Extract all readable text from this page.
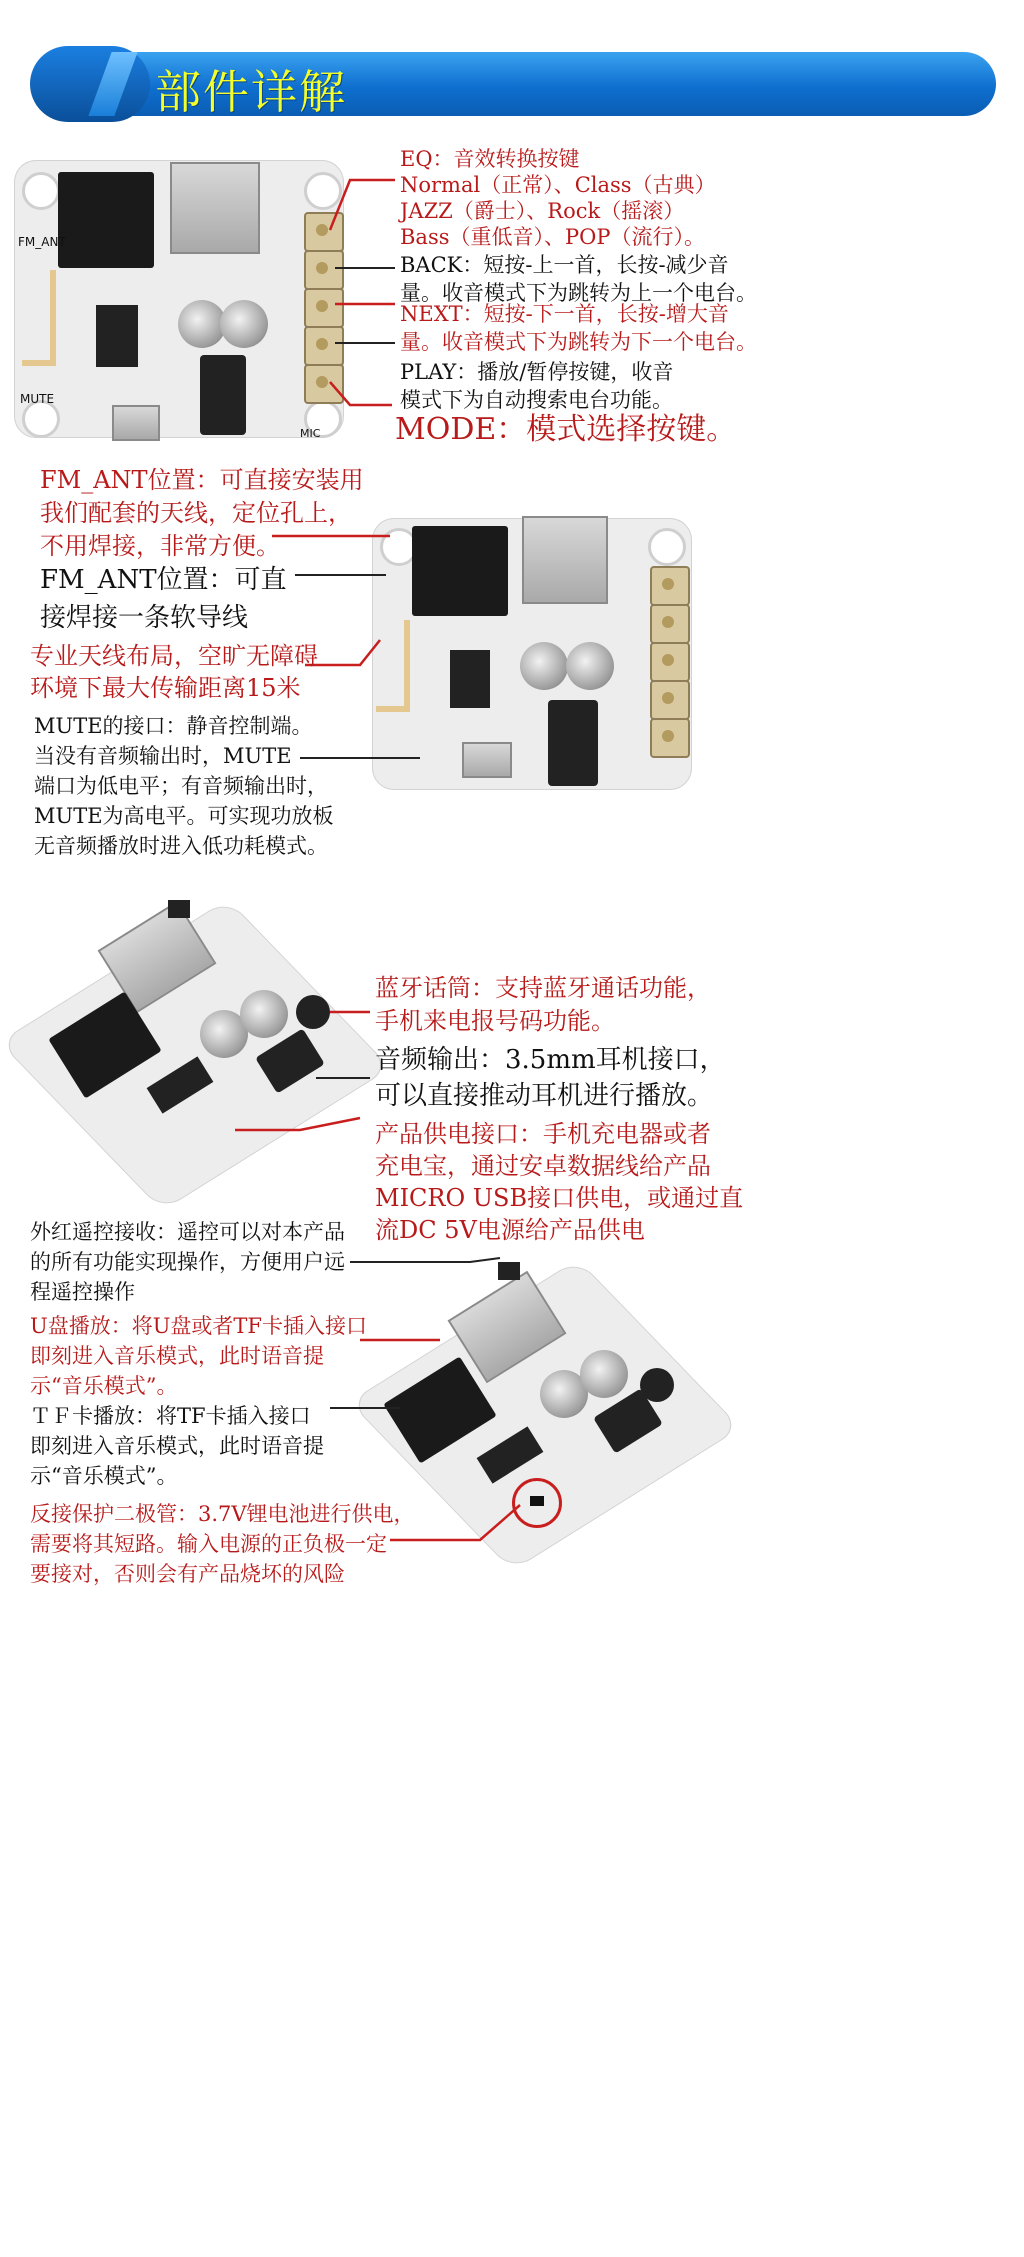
部件详解
FM_ANT
MUTE
MIC
EQ：音效转换按键
Normal（正常）、Class（古典）
JAZZ（爵士）、Rock（摇滚）
Bass（重低音）、POP（流行）。
BACK：短按-上一首，长按-减少音
量。收音模式下为跳转为上一个电台。
NEXT：短按-下一首，长按-增大音
量。收音模式下为跳转为下一个电台。
PLAY：播放/暂停按键，收音
模式下为自动搜索电台功能。
MODE：模式选择按键。
FM_ANT位置：可直接安装用
我们配套的天线，定位孔上，
不用焊接，非常方便。
FM_ANT位置：可直
接焊接一条软导线
专业天线布局，空旷无障碍
环境下最大传输距离15米
MUTE的接口：静音控制端。
当没有音频输出时，MUTE
端口为低电平；有音频输出时，
MUTE为高电平。可实现功放板
无音频播放时进入低功耗模式。
蓝牙话筒：支持蓝牙通话功能，
手机来电报号码功能。
音频输出：3.5mm耳机接口，
可以直接推动耳机进行播放。
产品供电接口：手机充电器或者
充电宝，通过安卓数据线给产品
MICRO USB接口供电，或通过直
流DC 5V电源给产品供电
外红遥控接收：遥控可以对本产品
的所有功能实现操作，方便用户远
程遥控操作
U盘播放：将U盘或者TF卡插入接口
即刻进入音乐模式，此时语音提
示“音乐模式”。
ＴＦ卡播放：将TF卡插入接口
即刻进入音乐模式，此时语音提
示“音乐模式”。
反接保护二极管：3.7V锂电池进行供电，
需要将其短路。输入电源的正负极一定
要接对，否则会有产品烧坏的风险
